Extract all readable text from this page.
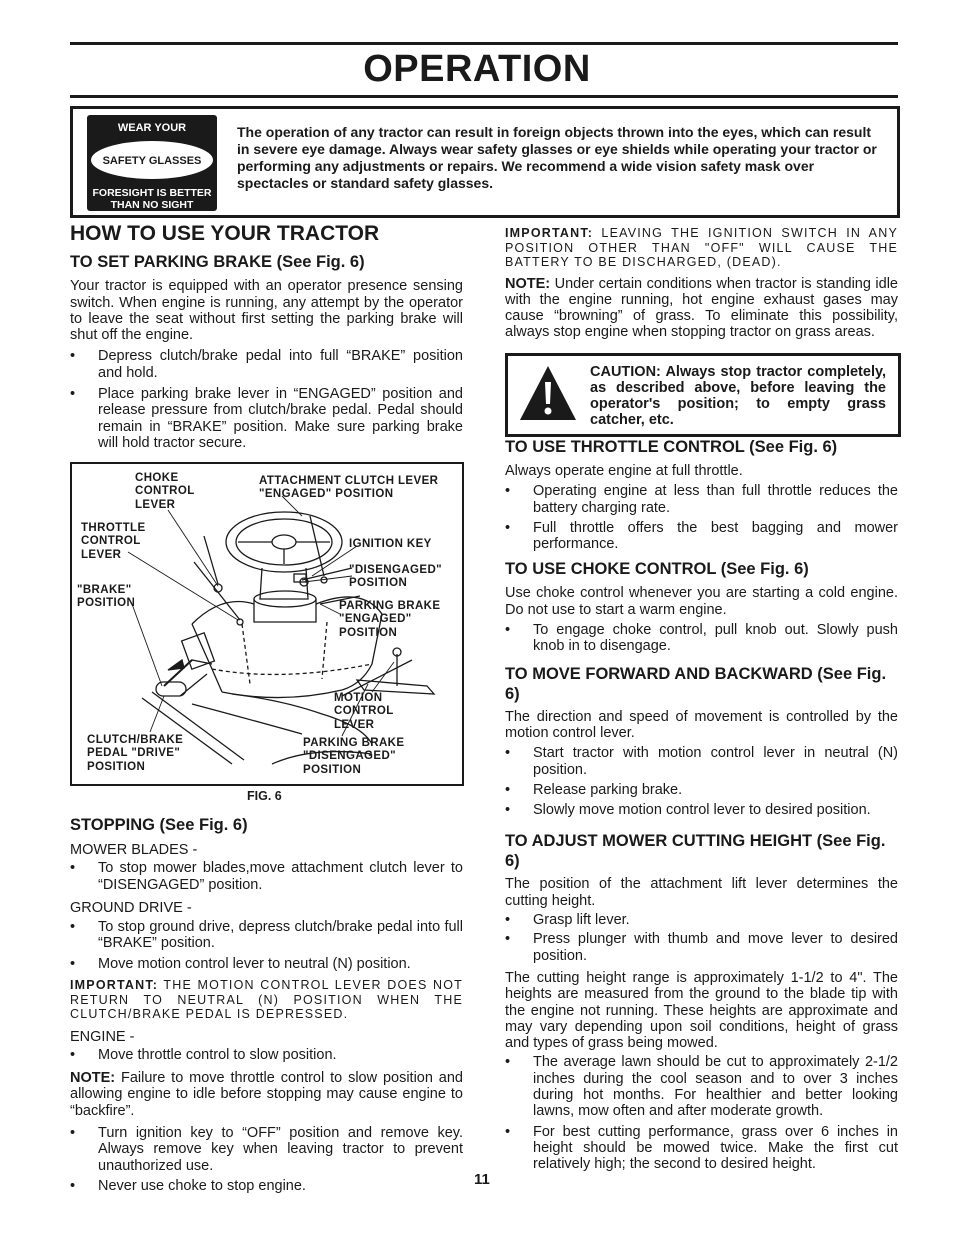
OPERATION
WEAR YOUR
SAFETY GLASSES
FORESIGHT IS BETTER
THAN NO SIGHT
The operation of any tractor can result in foreign objects thrown into the eyes, which can result in severe eye damage. Always wear safety glasses or eye shields while operating your tractor or performing any adjustments or repairs. We recommend a wide vision safety mask over spectacles or standard safety glasses.
HOW TO USE YOUR TRACTOR
TO SET PARKING BRAKE (See Fig. 6)

Your tractor is equipped with an operator presence sensing switch. When engine is running, any attempt by the operator to leave the seat without first setting the parking brake will shut off the engine.

• Depress clutch/brake pedal into full “BRAKE” position and hold.

• Place parking brake lever in “ENGAGED” position and release pressure from clutch/brake pedal. Pedal should remain in “BRAKE” position. Make sure parking brake will hold tractor secure.

CHOKE
CONTROL
LEVER
ATTACHMENT CLUTCH LEVER
"ENGAGED" POSITION
THROTTLE
CONTROL
LEVER
IGNITION KEY
"DISENGAGED"
POSITION
"BRAKE"
POSITION	PARKING BRAKE
"ENGAGED"
POSITION
MOTION
CONTROL
LEVER
CLUTCH/BRAKE
PEDAL "DRIVE"
POSITION
PARKING BRAKE
"DISENGAGED"
POSITION
FIG. 6
STOPPING (See Fig. 6)

MOWER BLADES -

• To stop mower blades,move attachment clutch lever to “DISENGAGED” position.

GROUND DRIVE -

• To stop ground drive, depress clutch/brake pedal into full “BRAKE” position.

• Move motion control lever to neutral (N) position.

IMPORTANT: THE MOTION CONTROL LEVER DOES NOT RETURN TO NEUTRAL (N) POSITION WHEN THE CLUTCH/BRAKE PEDAL IS DEPRESSED.

ENGINE -

• Move throttle control to slow position.

NOTE: Failure to move throttle control to slow position and allowing engine to idle before stopping may cause engine to “backfire”.

• Turn ignition key to “OFF” position and remove key. Always remove key when leaving tractor to prevent unauthorized use.

• Never use choke to stop engine.	11

IMPORTANT: LEAVING THE IGNITION SWITCH IN ANY POSITION OTHER THAN "OFF" WILL CAUSE THE BATTERY TO BE DISCHARGED, (DEAD).

NOTE: Under certain conditions when tractor is standing idle with the engine running, hot engine exhaust gases may cause “browning” of grass. To eliminate this possibility, always stop engine when stopping tractor on grass areas.

CAUTION: Always stop tractor completely, as described above, before leaving the operator's position; to empty grass catcher, etc.
TO USE THROTTLE CONTROL (See Fig. 6)

Always operate engine at full throttle.

• Operating engine at less than full throttle reduces the battery charging rate.

• Full throttle offers the best bagging and mower performance.

TO USE CHOKE CONTROL (See Fig. 6)

Use choke control whenever you are starting a cold engine. Do not use to start a warm engine.

• To engage choke control, pull knob out. Slowly push knob in to disengage.

TO MOVE FORWARD AND BACKWARD (See Fig. 6)

The direction and speed of movement is controlled by the motion control lever.

• Start tractor with motion control lever in neutral (N) position.

• Release parking brake.

• Slowly move motion control lever to desired position.

TO ADJUST MOWER CUTTING HEIGHT (See Fig. 6)

The position of the attachment lift lever determines the cutting height.

• Grasp lift lever.

• Press plunger with thumb and move lever to desired position.

The cutting height range is approximately 1-1/2 to 4". The heights are measured from the ground to the blade tip with the engine not running. These heights are approximate and may vary depending upon soil conditions, height of grass and types of grass being mowed.

• The average lawn should be cut to approximately 2-1/2 inches during the cool season and to over 3 inches during hot months. For healthier and better looking lawns, mow often and after moderate growth.

• For best cutting performance, grass over 6 inches in height should be mowed twice. Make the first cut relatively high; the second to desired height.
